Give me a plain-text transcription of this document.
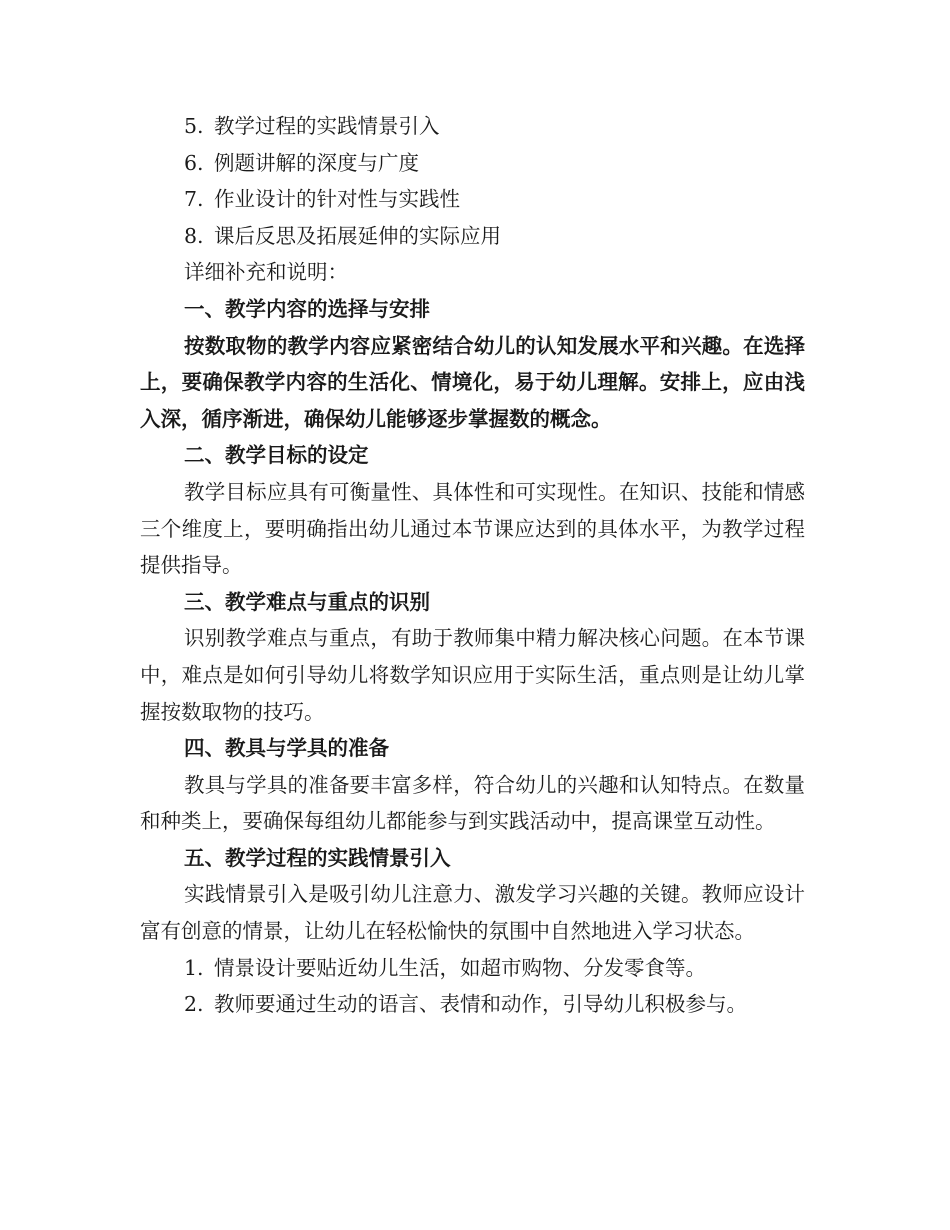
5. 教学过程的实践情景引入
6. 例题讲解的深度与广度
7. 作业设计的针对性与实践性
8. 课后反思及拓展延伸的实际应用

详细补充和说明：

一、教学内容的选择与安排

按数取物的教学内容应紧密结合幼儿的认知发展水平和兴趣。在选择上，要确保教学内容的生活化、情境化，易于幼儿理解。安排上，应由浅入深，循序渐进，确保幼儿能够逐步掌握数的概念。

二、教学目标的设定

教学目标应具有可衡量性、具体性和可实现性。在知识、技能和情感三个维度上，要明确指出幼儿通过本节课应达到的具体水平，为教学过程提供指导。

三、教学难点与重点的识别

识别教学难点与重点，有助于教师集中精力解决核心问题。在本节课中，难点是如何引导幼儿将数学知识应用于实际生活，重点则是让幼儿掌握按数取物的技巧。

四、教具与学具的准备

教具与学具的准备要丰富多样，符合幼儿的兴趣和认知特点。在数量和种类上，要确保每组幼儿都能参与到实践活动中，提高课堂互动性。

五、教学过程的实践情景引入

实践情景引入是吸引幼儿注意力、激发学习兴趣的关键。教师应设计富有创意的情景，让幼儿在轻松愉快的氛围中自然地进入学习状态。

1. 情景设计要贴近幼儿生活，如超市购物、分发零食等。
2. 教师要通过生动的语言、表情和动作，引导幼儿积极参与。
